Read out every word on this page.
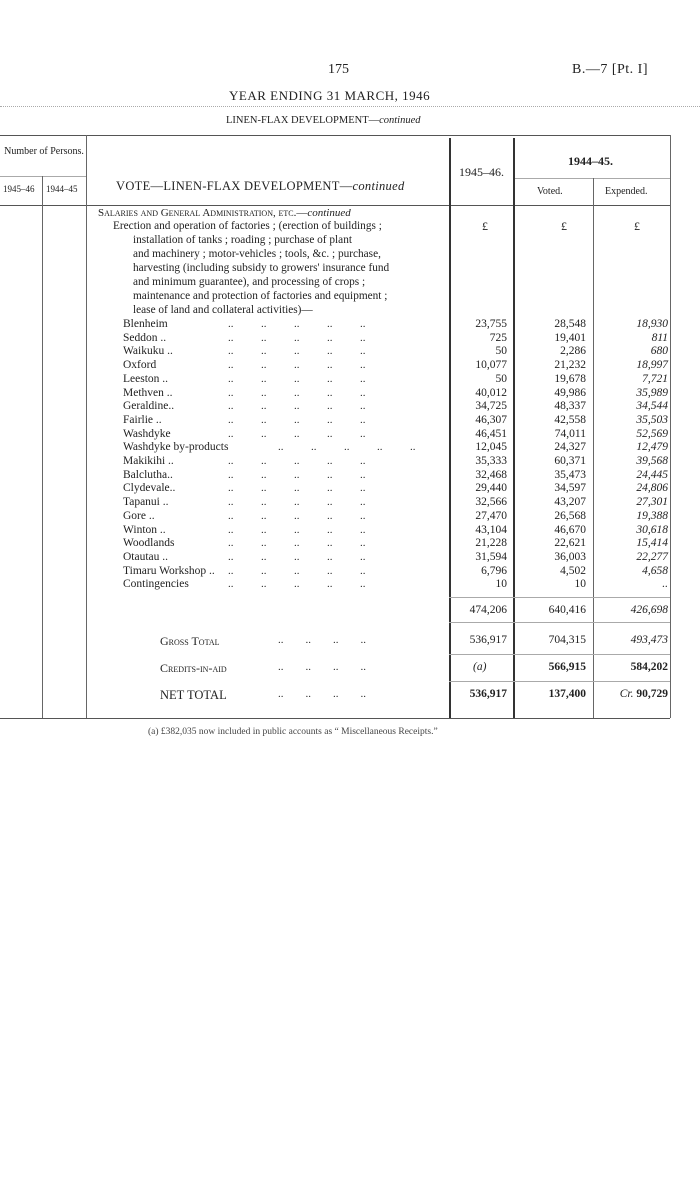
175	B.—7 [Pt. I]
YEAR ENDING 31 MARCH, 1946
LINEN-FLAX DEVELOPMENT—continued
Number of Persons.
1945–46 1944–45	VOTE—LINEN-FLAX DEVELOPMENT—continued
1945–46.
1944–45.
Voted.	Expended.
Salaries and General Administration, etc.—continued
Erection and operation of factories ; (erection of buildings ;
installation of tanks ; roading ; purchase of plant
and machinery ; motor-vehicles ; tools, &c. ; purchase,
harvesting (including subsidy to growers' insurance fund
and minimum guarantee), and processing of crops ;
maintenance and protection of factories and equipment ;
lease of land and collateral activities)—
£	£	£
Blenheim	..          ..          ..          ..          ..	23,755	28,548	18,930
Seddon ..	..          ..          ..          ..          ..	725	19,401	811
Waikuku ..	..          ..          ..          ..          ..	50	2,286	680
Oxford	..          ..          ..          ..          ..	10,077	21,232	18,997
Leeston ..	..          ..          ..          ..          ..	50	19,678	7,721
Methven ..	..          ..          ..          ..          ..	40,012	49,986	35,989
Geraldine..	..          ..          ..          ..          ..	34,725	48,337	34,544
Fairlie ..	..          ..          ..          ..          ..	46,307	42,558	35,503
Washdyke	..          ..          ..          ..          ..	46,451	74,011	52,569
Washdyke by-products	..          ..          ..          ..          ..	12,045	24,327	12,479
Makikihi ..	..          ..          ..          ..          ..	35,333	60,371	39,568
Balclutha..	..          ..          ..          ..          ..	32,468	35,473	24,445
Clydevale..	..          ..          ..          ..          ..	29,440	34,597	24,806
Tapanui ..	..          ..          ..          ..          ..	32,566	43,207	27,301
Gore ..	..          ..          ..          ..          ..	27,470	26,568	19,388
Winton ..	..          ..          ..          ..          ..	43,104	46,670	30,618
Woodlands	..          ..          ..          ..          ..	21,228	22,621	15,414
Otautau ..	..          ..          ..          ..          ..	31,594	36,003	22,277
Timaru Workshop .. ..          ..          ..          ..          ..	6,796	4,502	4,658
Contingencies	..          ..          ..          ..          ..	10	10	..
474,206	640,416	426,698
Gross Total	..        ..        ..        ..	536,917	704,315	493,473
Credits-in-aid	..        ..        ..        ..	(a)	566,915	584,202
NET TOTAL	..        ..        ..        ..	536,917	137,400	Cr. 90,729
(a) £382,035 now included in public accounts as “ Miscellaneous Receipts.”
